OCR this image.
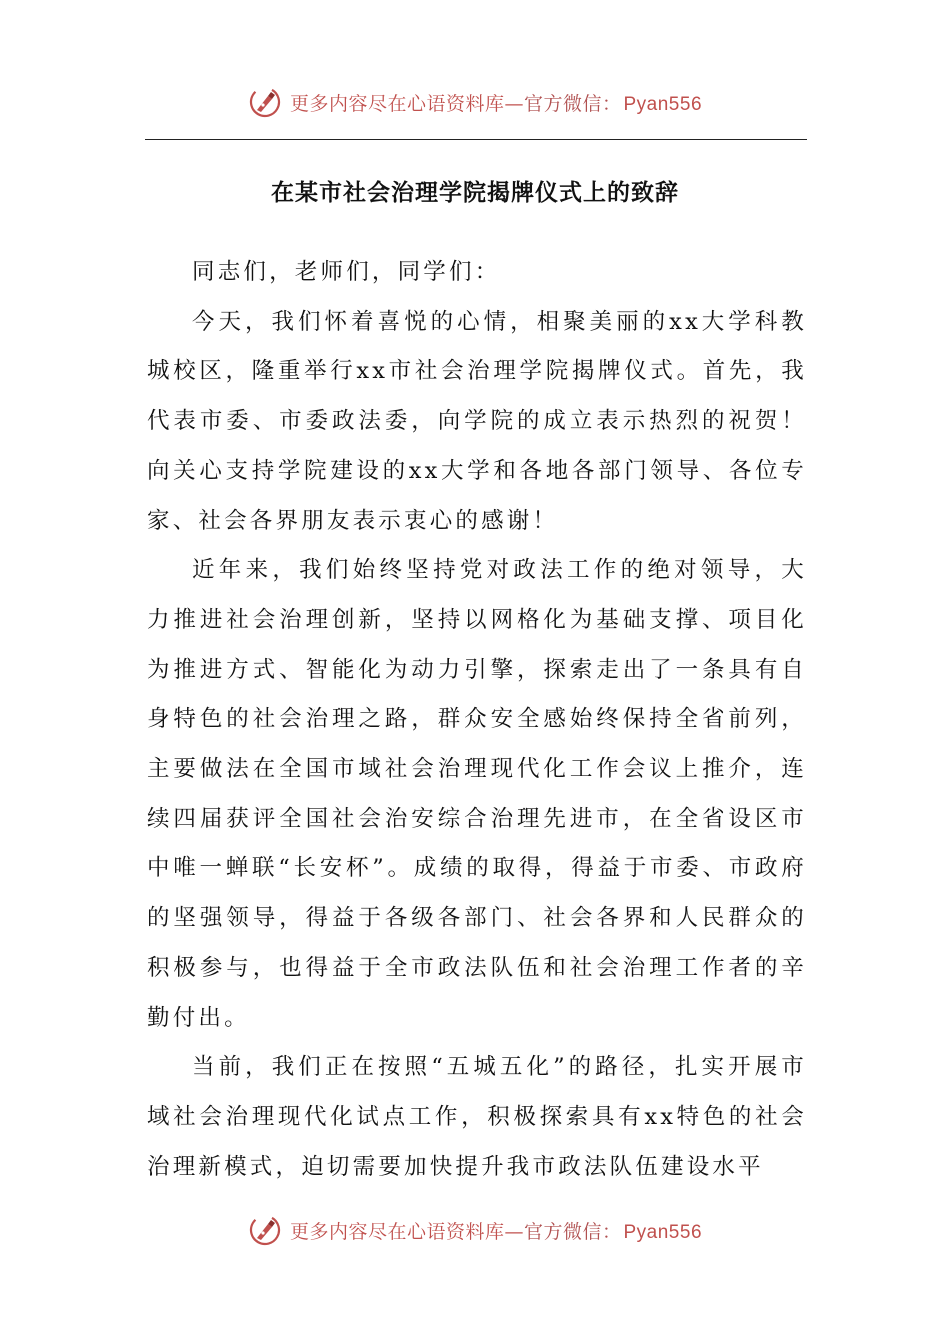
更多内容尽在心语资料库—官方微信： Pyan556
在某市社会治理学院揭牌仪式上的致辞

同志们，老师们，同学们：

今天，我们怀着喜悦的心情，相聚美丽的xx大学科教城校区，隆重举行xx市社会治理学院揭牌仪式。首先，我代表市委、市委政法委，向学院的成立表示热烈的祝贺！向关心支持学院建设的xx大学和各地各部门领导、各位专家、社会各界朋友表示衷心的感谢！

近年来，我们始终坚持党对政法工作的绝对领导，大力推进社会治理创新，坚持以网格化为基础支撑、项目化为推进方式、智能化为动力引擎，探索走出了一条具有自身特色的社会治理之路，群众安全感始终保持全省前列，主要做法在全国市域社会治理现代化工作会议上推介，连续四届获评全国社会治安综合治理先进市，在全省设区市中唯一蝉联“长安杯”。成绩的取得，得益于市委、市政府的坚强领导，得益于各级各部门、社会各界和人民群众的积极参与，也得益于全市政法队伍和社会治理工作者的辛勤付出。

当前，我们正在按照“五城五化”的路径，扎实开展市域社会治理现代化试点工作，积极探索具有xx特色的社会治理新模式，迫切需要加快提升我市政法队伍建设水平

更多内容尽在心语资料库—官方微信： Pyan556
